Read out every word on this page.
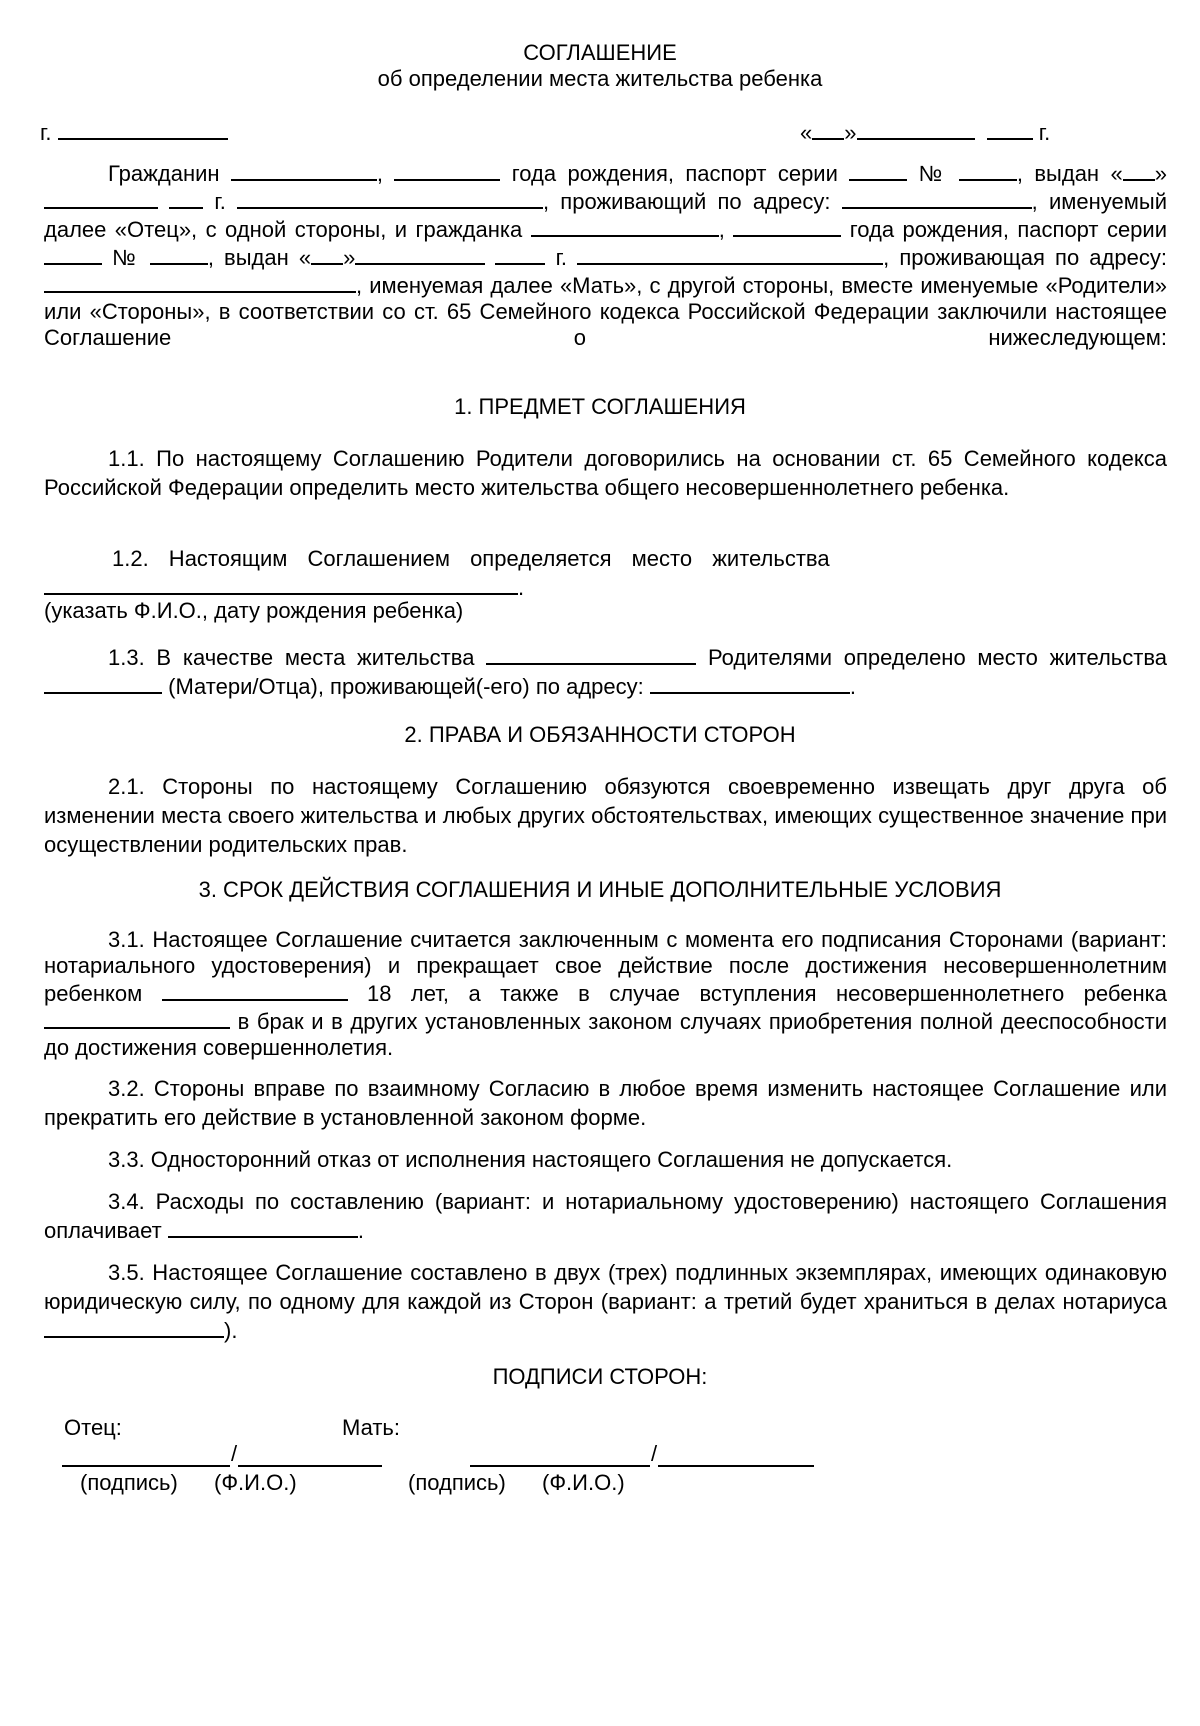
СОГЛАШЕНИЕ
об определении места жительства ребенка
г.	« »	г.
Гражданин	,	года рождения, паспорт серии	№	, выдан « »  г.	, проживающий по адресу:	, именуемый далее «Отец», с одной стороны, и гражданка	,	года рождения, паспорт серии  №	, выдан « »	г.	, проживающая по адресу: , именуемая далее «Мать», с другой стороны, вместе именуемые «Родители» или «Стороны», в соответствии со ст. 65 Семейного кодекса Российской Федерации заключили настоящее Соглашение о нижеследующем:
1. ПРЕДМЕТ СОГЛАШЕНИЯ
1.1. По настоящему Соглашению Родители договорились на основании ст. 65 Семейного кодекса Российской Федерации определить место жительства общего несовершеннолетнего ребенка.
1.2. Настоящим Соглашением определяется место жительства
.
(указать Ф.И.О., дату рождения ребенка)
1.3. В качестве места жительства	Родителями определено место жительства  (Матери/Отца), проживающей(-его) по адресу:	.
2. ПРАВА И ОБЯЗАННОСТИ СТОРОН
2.1. Стороны по настоящему Соглашению обязуются своевременно извещать друг друга об изменении места своего жительства и любых других обстоятельствах, имеющих существенное значение при осуществлении родительских прав.
3. СРОК ДЕЙСТВИЯ СОГЛАШЕНИЯ И ИНЫЕ ДОПОЛНИТЕЛЬНЫЕ УСЛОВИЯ
3.1. Настоящее Соглашение считается заключенным с момента его подписания Сторонами (вариант: нотариального удостоверения) и прекращает свое действие после достижения несовершеннолетним ребенком	18 лет, а также в случае вступления несовершеннолетнего ребенка  в брак и в других установленных законом случаях приобретения полной дееспособности до достижения совершеннолетия.
3.2. Стороны вправе по взаимному Согласию в любое время изменить настоящее Соглашение или прекратить его действие в установленной законом форме.
3.3. Односторонний отказ от исполнения настоящего Соглашения не допускается.
3.4. Расходы по составлению (вариант: и нотариальному удостоверению) настоящего Соглашения оплачивает	.
3.5. Настоящее Соглашение составлено в двух (трех) подлинных экземплярах, имеющих одинаковую юридическую силу, по одному для каждой из Сторон (вариант: а третий будет храниться в делах нотариуса ).
ПОДПИСИ СТОРОН:
Отец:	Мать:
/	/
(подпись) (Ф.И.О.)	(подпись) (Ф.И.О.)
